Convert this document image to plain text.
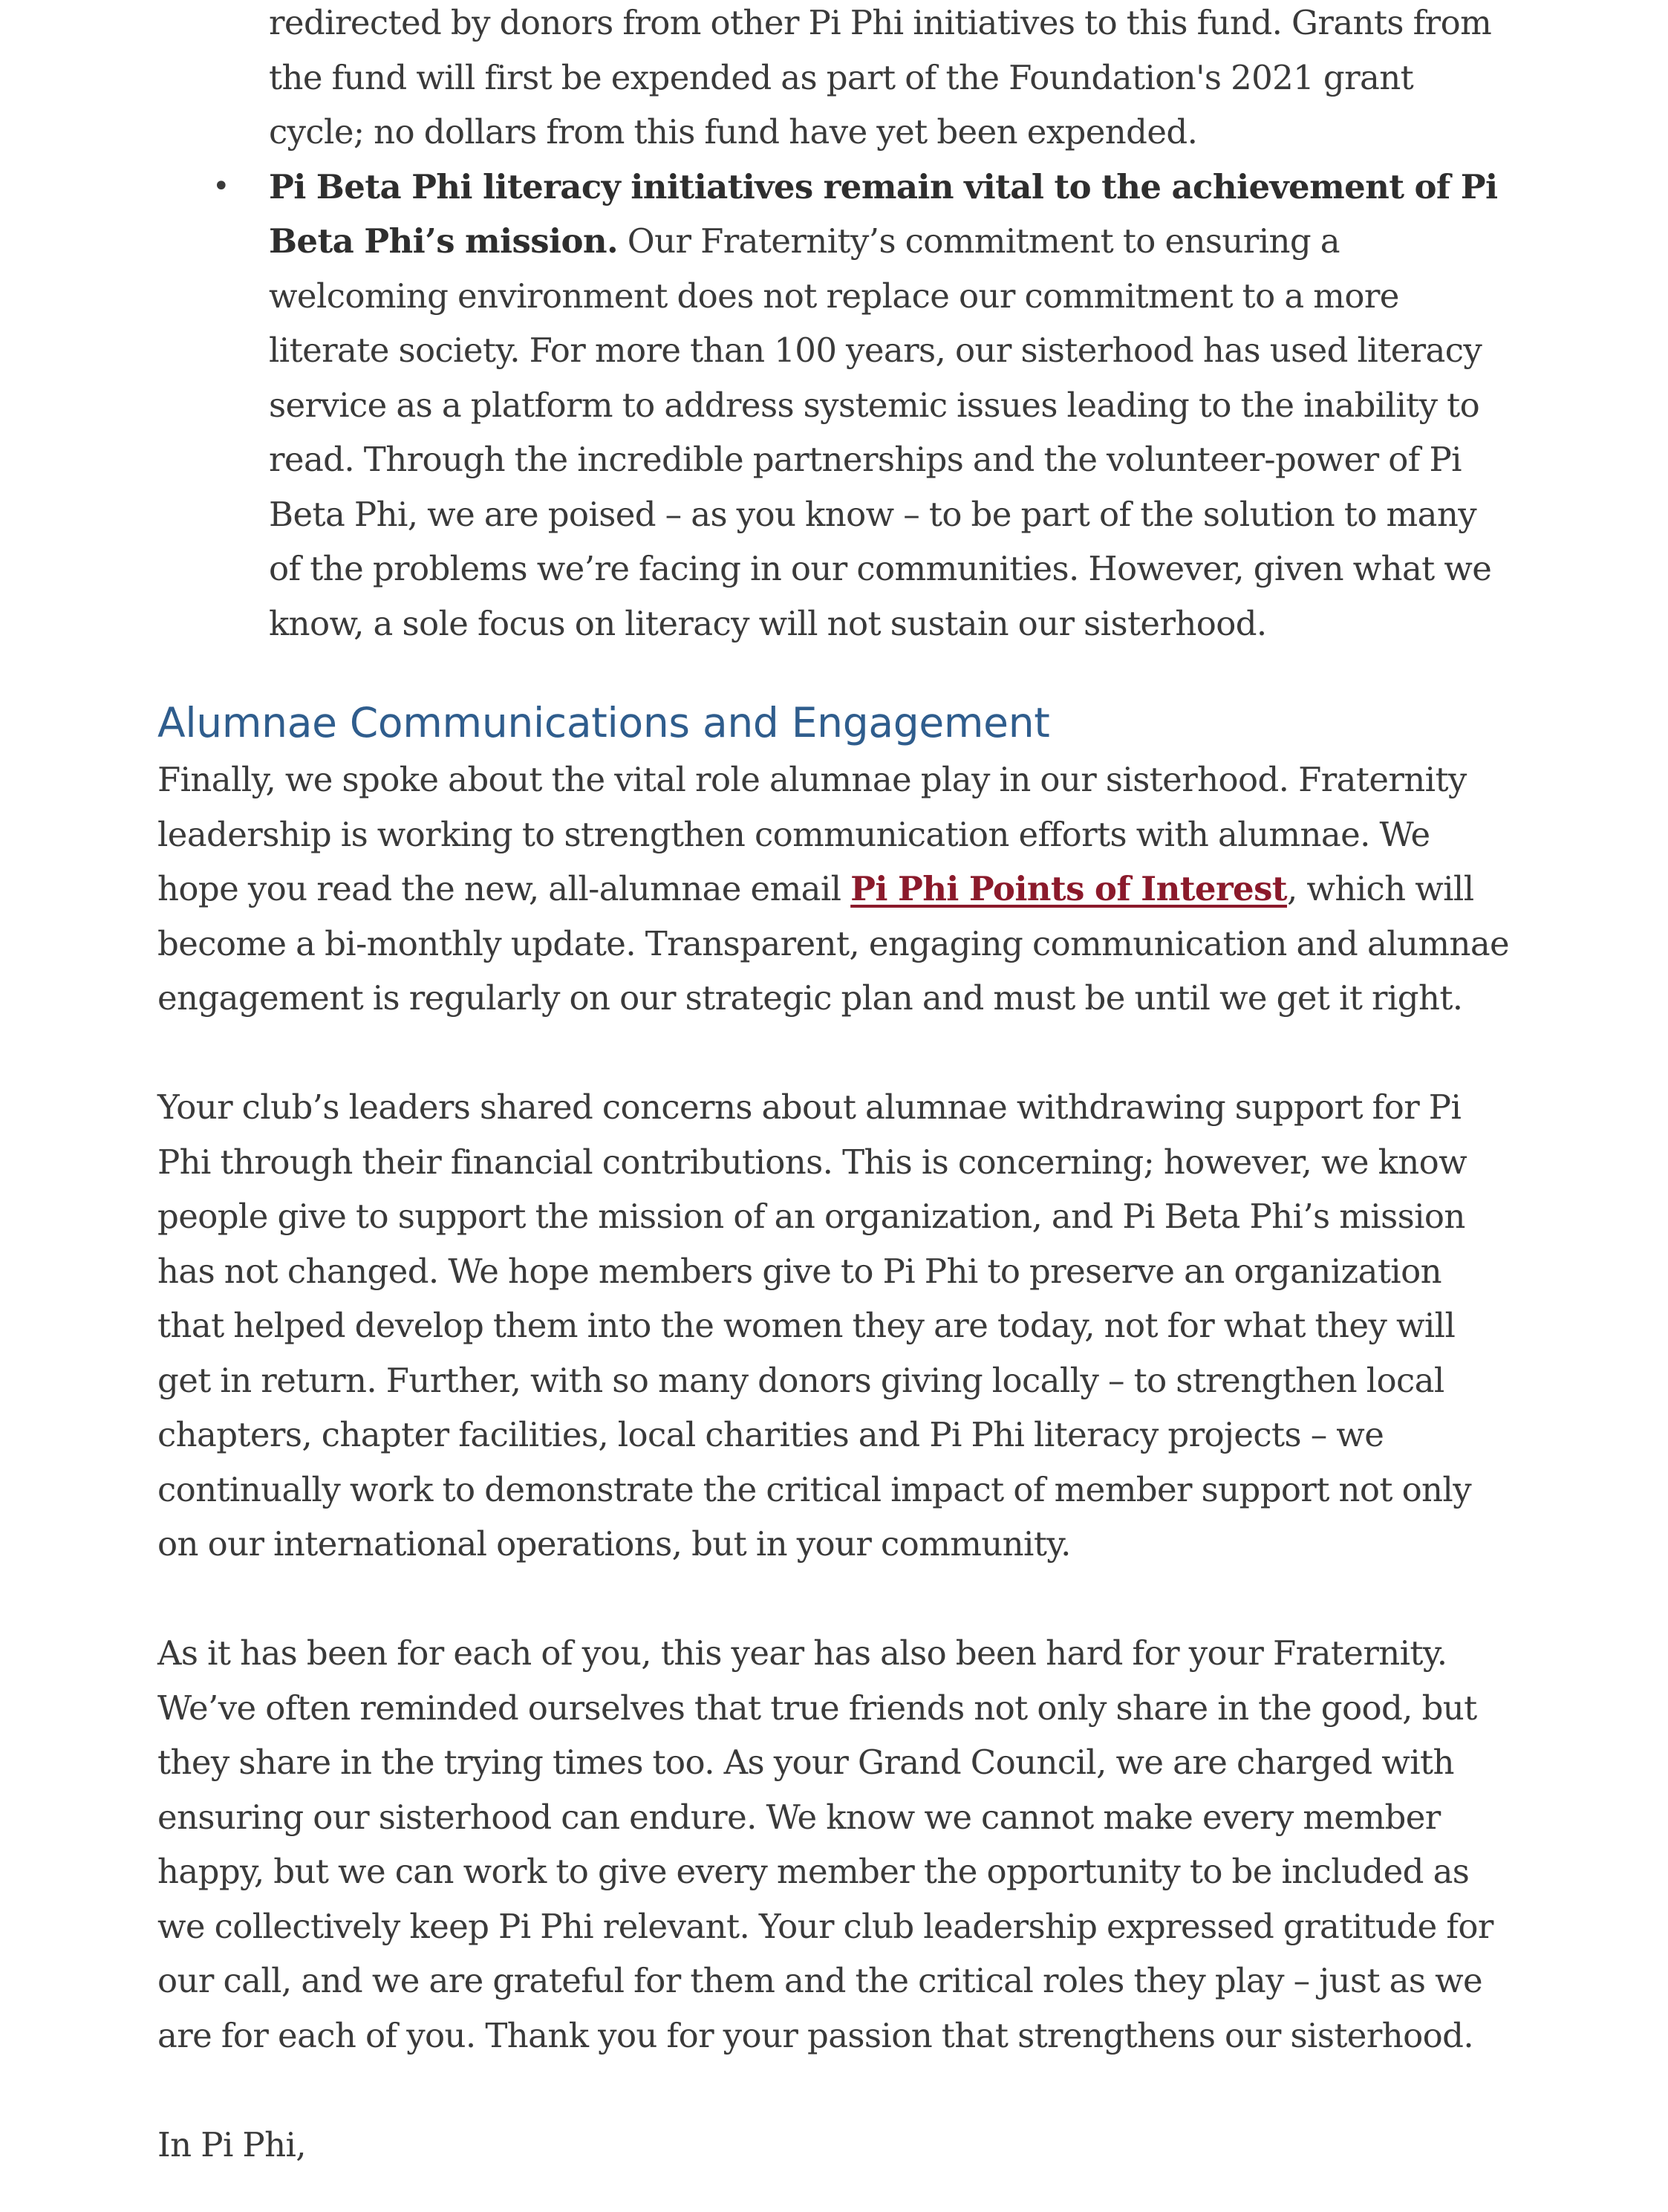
redirected by donors from other Pi Phi initiatives to this fund. Grants from the fund will first be expended as part of the Foundation's 2021 grant cycle; no dollars from this fund have yet been expended.
• Pi Beta Phi literacy initiatives remain vital to the achievement of Pi Beta Phi’s mission. Our Fraternity’s commitment to ensuring a welcoming environment does not replace our commitment to a more literate society. For more than 100 years, our sisterhood has used literacy service as a platform to address systemic issues leading to the inability to read. Through the incredible partnerships and the volunteer-power of Pi Beta Phi, we are poised – as you know – to be part of the solution to many of the problems we’re facing in our communities. However, given what we know, a sole focus on literacy will not sustain our sisterhood.
Alumnae Communications and Engagement

Finally, we spoke about the vital role alumnae play in our sisterhood. Fraternity leadership is working to strengthen communication efforts with alumnae. We hope you read the new, all-alumnae email Pi Phi Points of Interest, which will become a bi-monthly update. Transparent, engaging communication and alumnae engagement is regularly on our strategic plan and must be until we get it right.

Your club’s leaders shared concerns about alumnae withdrawing support for Pi Phi through their financial contributions. This is concerning; however, we know people give to support the mission of an organization, and Pi Beta Phi’s mission has not changed. We hope members give to Pi Phi to preserve an organization that helped develop them into the women they are today, not for what they will get in return. Further, with so many donors giving locally – to strengthen local chapters, chapter facilities, local charities and Pi Phi literacy projects – we continually work to demonstrate the critical impact of member support not only on our international operations, but in your community.

As it has been for each of you, this year has also been hard for your Fraternity. We’ve often reminded ourselves that true friends not only share in the good, but they share in the trying times too. As your Grand Council, we are charged with ensuring our sisterhood can endure. We know we cannot make every member happy, but we can work to give every member the opportunity to be included as we collectively keep Pi Phi relevant. Your club leadership expressed gratitude for our call, and we are grateful for them and the critical roles they play – just as we are for each of you. Thank you for your passion that strengthens our sisterhood.

In Pi Phi,
